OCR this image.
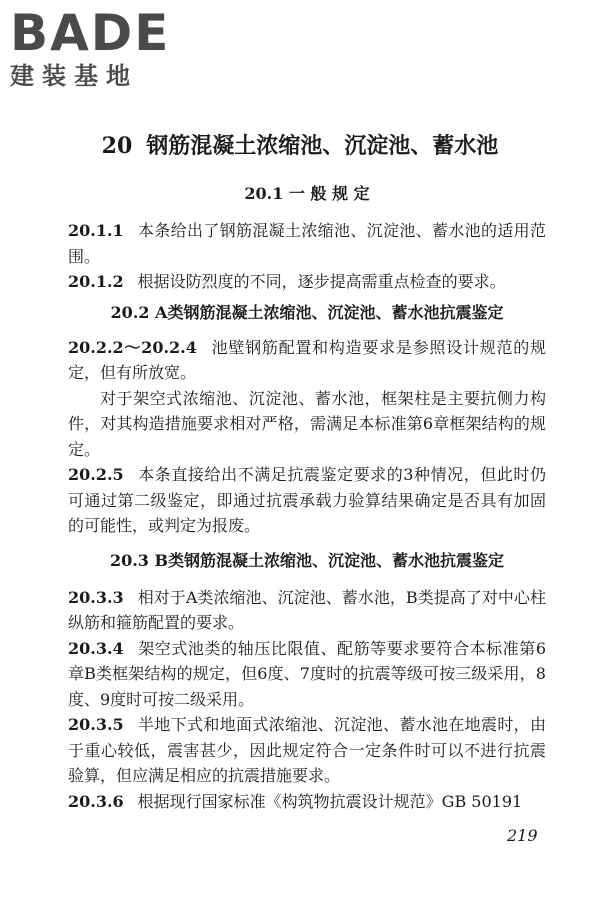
BADE
建装基地
20 钢筋混凝土浓缩池、沉淀池、蓄水池

20.1 一 般 规 定

20.1.1 本条给出了钢筋混凝土浓缩池、沉淀池、蓄水池的适用范围。

20.1.2 根据设防烈度的不同，逐步提高需重点检查的要求。

20.2 A类钢筋混凝土浓缩池、沉淀池、蓄水池抗震鉴定

20.2.2～20.2.4 池壁钢筋配置和构造要求是参照设计规范的规定，但有所放宽。

对于架空式浓缩池、沉淀池、蓄水池，框架柱是主要抗侧力构件，对其构造措施要求相对严格，需满足本标准第6章框架结构的规定。

20.2.5 本条直接给出不满足抗震鉴定要求的3种情况，但此时仍可通过第二级鉴定，即通过抗震承载力验算结果确定是否具有加固的可能性，或判定为报废。

20.3 B类钢筋混凝土浓缩池、沉淀池、蓄水池抗震鉴定

20.3.3 相对于A类浓缩池、沉淀池、蓄水池，B类提高了对中心柱纵筋和箍筋配置的要求。

20.3.4 架空式池类的轴压比限值、配筋等要求要符合本标准第6章B类框架结构的规定，但6度、7度时的抗震等级可按三级采用，8度、9度时可按二级采用。

20.3.5 半地下式和地面式浓缩池、沉淀池、蓄水池在地震时，由于重心较低，震害甚少，因此规定符合一定条件时可以不进行抗震验算，但应满足相应的抗震措施要求。

20.3.6 根据现行国家标准《构筑物抗震设计规范》GB 50191

219
